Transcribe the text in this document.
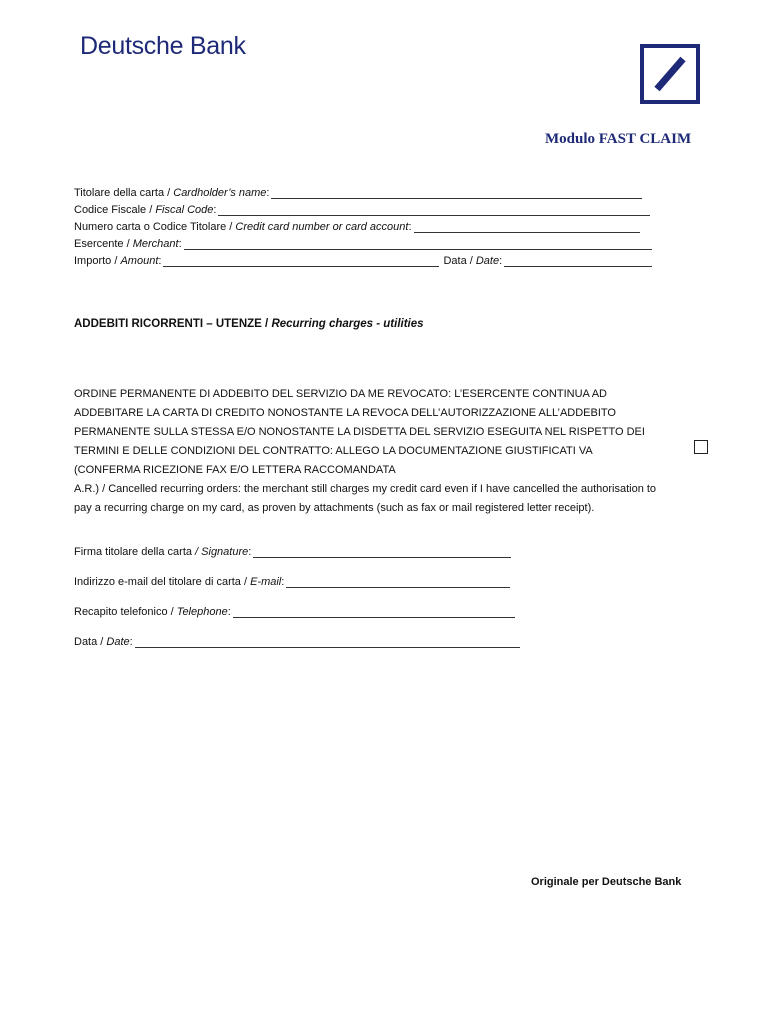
Deutsche Bank
Modulo FAST CLAIM
Titolare della carta / Cardholder’s name :
Codice Fiscale / Fiscal Code :
Numero carta o Codice Titolare / Credit card number or card account :
Esercente / Merchant :
Importo / Amount :	Data / Date :
ADDEBITI RICORRENTI – UTENZE / Recurring charges - utilities
ORDINE PERMANENTE DI ADDEBITO DEL SERVIZIO DA ME REVOCATO: L’ESERCENTE CONTINUA AD
ADDEBITARE LA CARTA DI CREDITO NONOSTANTE LA REVOCA DELL’AUTORIZZAZIONE ALL’ADDEBITO
PERMANENTE SULLA STESSA E/O NONOSTANTE LA DISDETTA DEL SERVIZIO ESEGUITA NEL RISPETTO DEI
TERMINI E DELLE CONDIZIONI DEL CONTRATTO: ALLEGO LA DOCUMENTAZIONE GIUSTIFICATI VA
(CONFERMA RICEZIONE FAX E/O LETTERA RACCOMANDATA
A.R.) / Cancelled recurring orders: the merchant still charges my credit card even if I have cancelled the authorisation to
pay a recurring charge on my card, as proven by attachments (such as fax or mail registered letter receipt).
Firma titolare della carta / Signature :
Indirizzo e-mail del titolare di carta / E-mail :
Recapito telefonico / Telephone :
Data / Date :
Originale per Deutsche Bank
